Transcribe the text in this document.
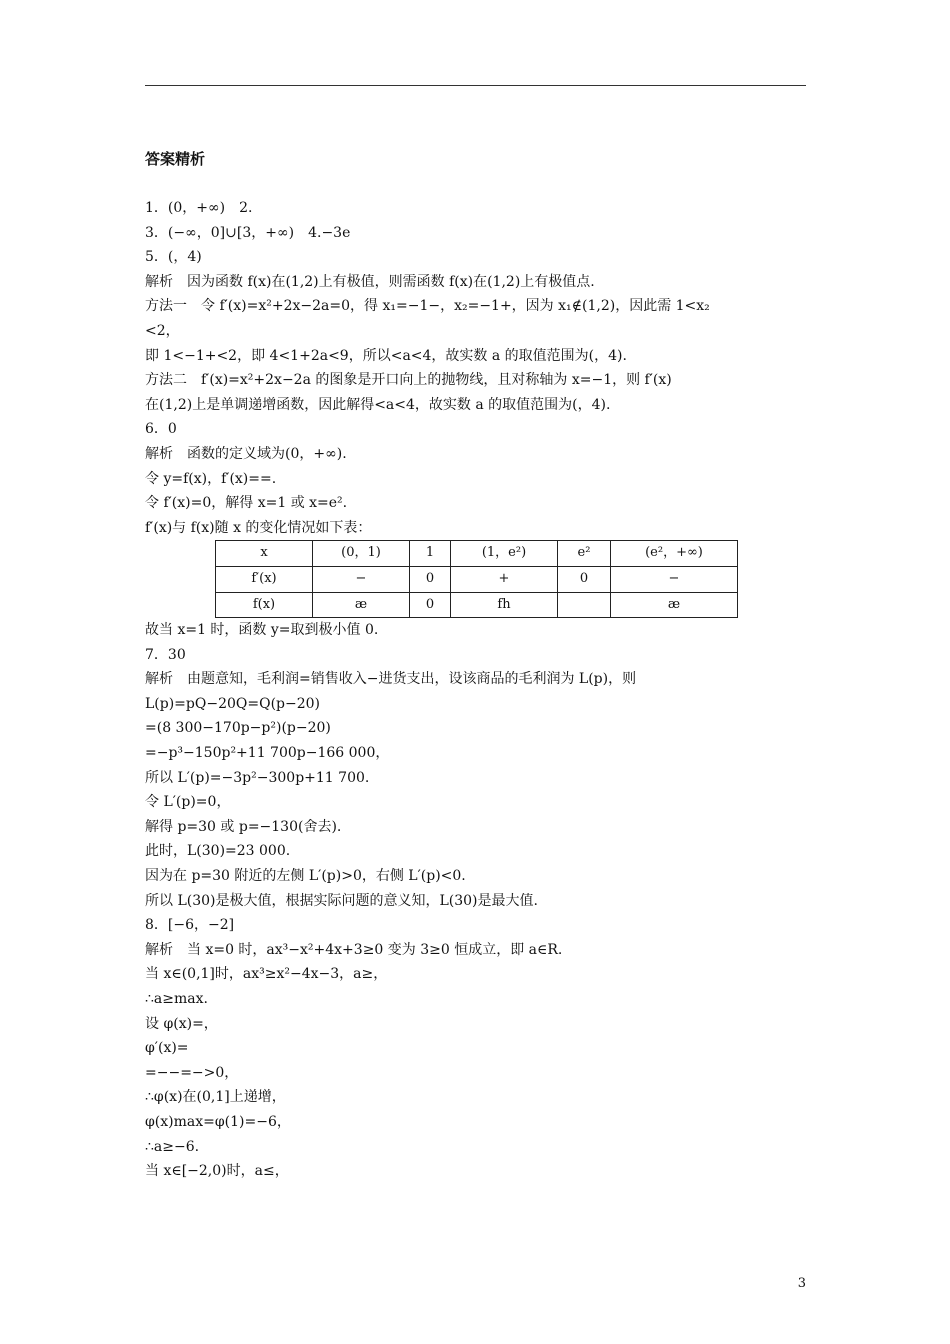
答案精析
1．(0，+∞)　2.
3．(−∞，0]∪[3，+∞)　4.−3e
5．(，4)
解析　因为函数 f(x)在(1,2)上有极值，则需函数 f(x)在(1,2)上有极值点.
方法一　令 f′(x)=x²+2x−2a=0，得 x₁=−1−，x₂=−1+，因为 x₁∉(1,2)，因此需 1<x₂
<2，
即 1<−1+<2，即 4<1+2a<9，所以<a<4，故实数 a 的取值范围为(，4).
方法二　f′(x)=x²+2x−2a 的图象是开口向上的抛物线，且对称轴为 x=−1，则 f′(x)
在(1,2)上是单调递增函数，因此解得<a<4，故实数 a 的取值范围为(，4).
6．0
解析　函数的定义域为(0，+∞).
令 y=f(x)，f′(x)==.
令 f′(x)=0，解得 x=1 或 x=e².
f′(x)与 f(x)随 x 的变化情况如下表：
x	(0，1)	1	(1，e²)	e²	(e²，+∞)
f′(x)	−	0	+	0	−
f(x)	æ	0	fh		æ
故当 x=1 时，函数 y=取到极小值 0.
7．30
解析　由题意知，毛利润=销售收入−进货支出，设该商品的毛利润为 L(p)，则
L(p)=pQ−20Q=Q(p−20)
=(8 300−170p−p²)(p−20)
=−p³−150p²+11 700p−166 000，
所以 L′(p)=−3p²−300p+11 700.
令 L′(p)=0，
解得 p=30 或 p=−130(舍去).
此时，L(30)=23 000.
因为在 p=30 附近的左侧 L′(p)>0，右侧 L′(p)<0.
所以 L(30)是极大值，根据实际问题的意义知，L(30)是最大值.
8．[−6，−2]
解析　当 x=0 时，ax³−x²+4x+3≥0 变为 3≥0 恒成立，即 a∈R.
当 x∈(0,1]时，ax³≥x²−4x−3，a≥，
∴a≥max.
设 φ(x)=，
φ′(x)=
=−−=−>0，
∴φ(x)在(0,1]上递增，
φ(x)max=φ(1)=−6，
∴a≥−6.
当 x∈[−2,0)时，a≤，
3
